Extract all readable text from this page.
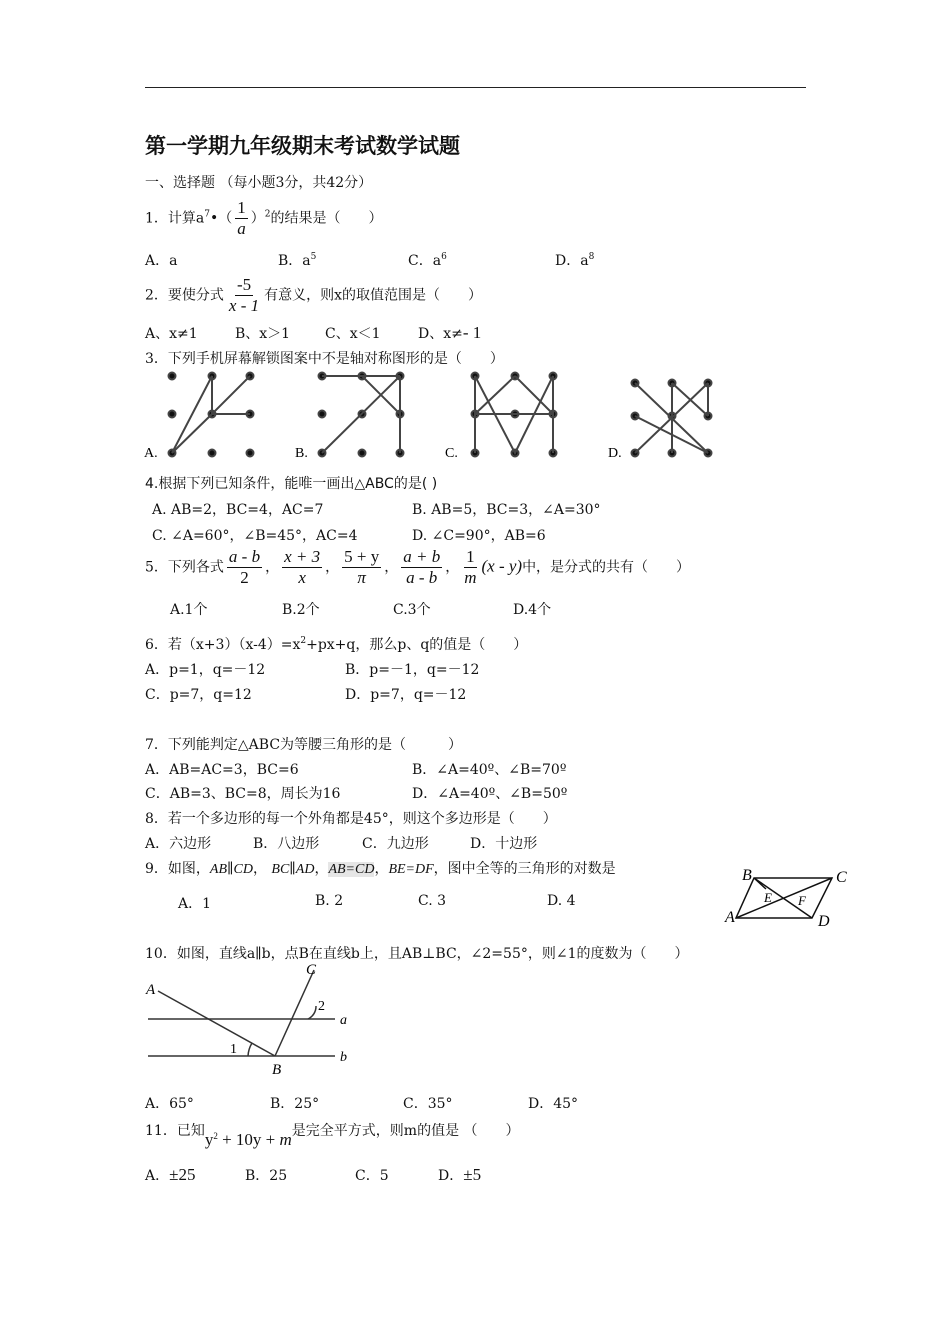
第一学期九年级期末考试数学试题
一、选择题 （每小题3分，共42分）
1．计算$a^7•( \frac{1}{a} )^2$的结果是（　　）
A．a	B．$a^5$	C．$a^6$	D．$a^8$
2．要使分式 $\frac{-5}{x - 1}$ 有意义，则x的取值范围是（　　）
A、x≠1	B、x＞1 C、x＜1	D、x≠- 1
3．下列手机屏幕解锁图案中不是轴对称图形的是（　　）
A.	B.	C.	D.
4.根据下列已知条件，能唯一画出△ABC的是( )
A. AB=2，BC=4，AC=7	B. AB=5，BC=3，∠A=30°
C. ∠A=60°，∠B=45°，AC=4	D. ∠C=90°，AB=6
5．下列各式 $\frac{a - b}{2}$ ， $\frac{x + 3}{x}$ ， $\frac{5 + y}{\pi}$ ， $\frac{a + b}{a - b}$ ， $\frac{1}{m} (x - y)$中，是分式的共有（　　）
A.1个	B.2个	C.3个	D.4个
6．若$(x+3)(x-4)=x^2+px+q$，那么p、q的值是（　　）
A．p=1，q=－12	B．p=－1，q=－12
C．p=7，q=12	D．p=7，q=－12
7．下列能判定△ABC为等腰三角形的是（　　　）
A．AB=AC=3，BC=6	B．∠A=40º、∠B=70º
C．AB=3、BC=8，周长为16	D．∠A=40º、∠B=50º
8．若一个多边形的每一个外角都是45°，则这个多边形是（　　）
A．六边形	B．八边形	C．九边形	D．十边形
9．如图，AB∥CD， BC∥AD，AB=CD，BE=DF，图中全等的三角形的对数是
A．1	B. 2	C. 3	D. 4
B	C
A	D
E F
10．如图，直线a∥b，点B在直线b上，且AB⊥BC，∠2=55°，则∠1的度数为（　　）
A
C
2
a
1
B
b
A．65°	B．25°	C．35°	D．45°
11．已知$y^2 + 10y + m$是完全平方式，则m的值是 （　　）
A．±25	B．25	C．5	D．±5
